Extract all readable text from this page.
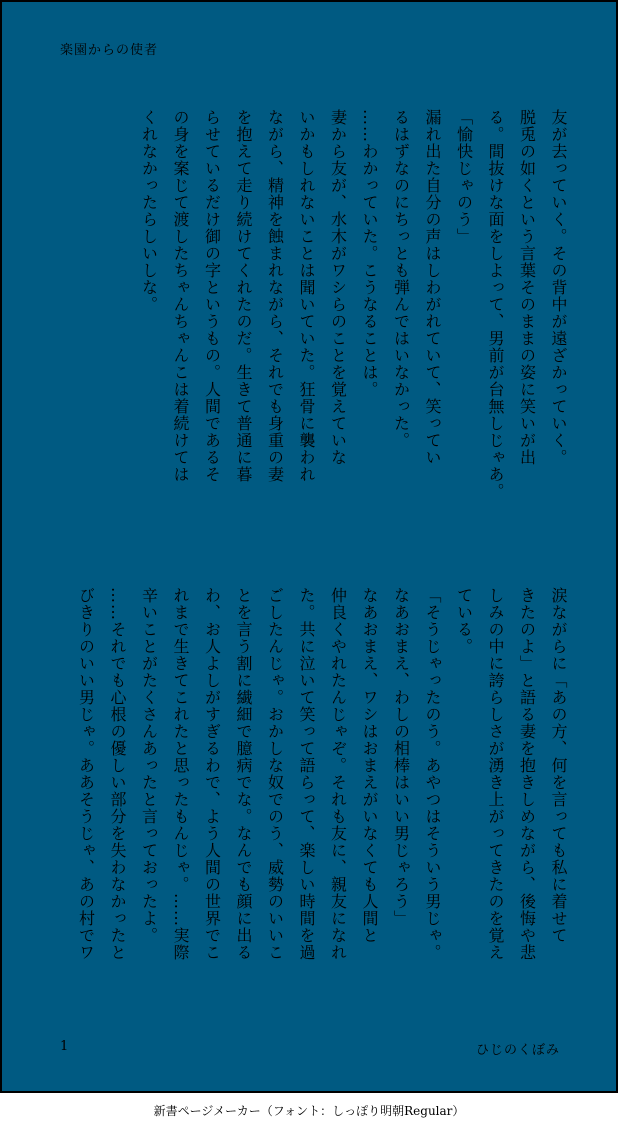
楽園からの使者

友が去っていく。その背中が遠ざかっていく。

脱兎の如くという言葉そのままの姿に笑いが出

る。間抜けな面をしよって、男前が台無しじゃあ。

「愉快じゃのう」

漏れ出た自分の声はしわがれていて、笑ってい

るはずなのにちっとも弾んではいなかった。

……わかっていた。こうなることは。

妻から友が、水木がワシらのことを覚えていな

いかもしれないことは聞いていた。狂骨に襲われ

ながら、精神を蝕まれながら、それでも身重の妻

を抱えて走り続けてくれたのだ。生きて普通に暮

らせているだけ御の字というもの。人間であるそ

の身を案じて渡したちゃんちゃんこは着続けては

くれなかったらしいしな。

涙ながらに「あの方、何を言っても私に着せて

きたのよ」と語る妻を抱きしめながら、後悔や悲

しみの中に誇らしさが湧き上がってきたのを覚え

ている。

「そうじゃったのう。あやつはそういう男じゃ。

なあおまえ、わしの相棒はいい男じゃろう」

なあおまえ、ワシはおまえがいなくても人間と

仲良くやれたんじゃぞ。それも友に、親友になれ

た。共に泣いて笑って語らって、楽しい時間を過

ごしたんじゃ。おかしな奴でのう、威勢のいいこ

とを言う割に繊細で臆病でな。なんでも顔に出る

わ、お人よしがすぎるわで、よう人間の世界でこ

れまで生きてこれたと思ったもんじゃ。……実際

辛いことがたくさんあったと言っておったよ。

……それでも心根の優しい部分を失わなかったと

びきりのいい男じゃ。ああそうじゃ、あの村でワ

1	ひじのくぼみ
新書ページメーカー（フォント：しっぽり明朝Regular）
